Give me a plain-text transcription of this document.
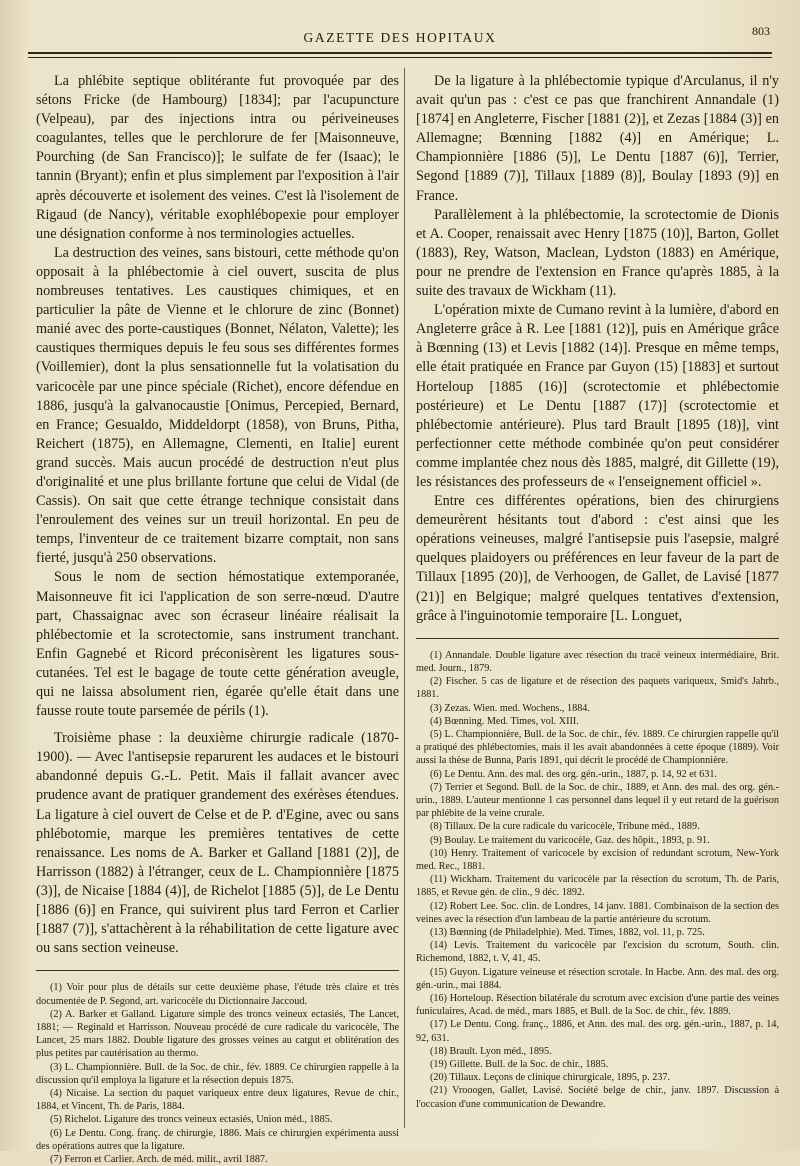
GAZETTE DES HOPITAUX	803

La phlébite septique oblitérante fut provoquée par des sétons Fricke (de Hambourg) [1834]; par l'acupuncture (Velpeau), par des injections intra ou périveineuses coagulantes, telles que le perchlorure de fer [Maisonneuve, Pourching (de San Francisco)]; le sulfate de fer (Isaac); le tannin (Bryant); enfin et plus simplement par l'exposition à l'air après découverte et isolement des veines. C'est là l'isolement de Rigaud (de Nancy), véritable exophlébopexie pour employer une désignation conforme à nos terminologies actuelles.

La destruction des veines, sans bistouri, cette méthode qu'on opposait à la phlébectomie à ciel ouvert, suscita de plus nombreuses tentatives. Les caustiques chimiques, et en particulier la pâte de Vienne et le chlorure de zinc (Bonnet) manié avec des porte-caustiques (Bonnet, Nélaton, Valette); les caustiques thermiques depuis le feu sous ses différentes formes (Voillemier), dont la plus sensationnelle fut la volatisation du varicocèle par une pince spéciale (Richet), encore défendue en 1886, jusqu'à la galvanocaustie [Onimus, Percepied, Bernard, en France; Gesualdo, Middeldorpt (1858), von Bruns, Pitha, Reichert (1875), en Allemagne, Clementi, en Italie] eurent grand succès. Mais aucun procédé de destruction n'eut plus d'originalité et une plus brillante fortune que celui de Vidal (de Cassis). On sait que cette étrange technique consistait dans l'enroulement des veines sur un treuil horizontal. En peu de temps, l'inventeur de ce traitement bizarre comptait, non sans fierté, jusqu'à 250 observations.

Sous le nom de section hémostatique extemporanée, Maisonneuve fit ici l'application de son serre-nœud. D'autre part, Chassaignac avec son écraseur linéaire réalisait la phlébectomie et la scrotectomie, sans instrument tranchant. Enfin Gagnebé et Ricord préconisèrent les ligatures sous-cutanées. Tel est le bagage de toute cette génération aveugle, qui ne laissa absolument rien, égarée qu'elle était dans une fausse route toute parsemée de périls (1).

Troisième phase : la deuxième chirurgie radicale (1870-1900). — Avec l'antisepsie reparurent les audaces et le bistouri abandonné depuis G.-L. Petit. Mais il fallait avancer avec prudence avant de pratiquer grandement des exérèses étendues. La ligature à ciel ouvert de Celse et de P. d'Egine, avec ou sans phlébotomie, marque les premières tentatives de cette renaissance. Les noms de A. Barker et Galland [1881 (2)], de Harrisson (1882) à l'étranger, ceux de L. Championnière [1875 (3)], de Nicaise [1884 (4)], de Richelot [1885 (5)], de Le Dentu [1886 (6)] en France, qui suivirent plus tard Ferron et Carlier [1887 (7)], s'attachèrent à la réhabilitation de cette ligature avec ou sans section veineuse.

(1) Voir pour plus de détails sur cette deuxième phase, l'étude très claire et très documentée de P. Segond, art. varicocèle du Dictionnaire Jaccoud.

(2) A. Barker et Galland. Ligature simple des troncs veineux ectasiés, The Lancet, 1881; — Reginald et Harrisson. Nouveau procédé de cure radicale du varicocèle, The Lancet, 25 mars 1882. Double ligature des grosses veines au catgut et oblitération des plus petites par cautérisation au thermo.

(3) L. Championnière. Bull. de la Soc. de chir., fév. 1889. Ce chirurgien rappelle à la discussion qu'il employa la ligature et la résection depuis 1875.

(4) Nicaise. La section du paquet variqueux entre deux ligatures, Revue de chir., 1884, et Vincent, Th. de Paris, 1884.

(5) Richelot. Ligature des troncs veineux ectasiés, Union méd., 1885.

(6) Le Dentu. Cong. franç. de chirurgie, 1886. Mais ce chirurgien expérimenta aussi des opérations autres que la ligature.

(7) Ferron et Carlier. Arch. de méd. milit., avril 1887.

De la ligature à la phlébectomie typique d'Arculanus, il n'y avait qu'un pas : c'est ce pas que franchirent Annandale (1) [1874] en Angleterre, Fischer [1881 (2)], et Zezas [1884 (3)] en Allemagne; Bœnning [1882 (4)] en Amérique; L. Championnière [1886 (5)], Le Dentu [1887 (6)], Terrier, Segond [1889 (7)], Tillaux [1889 (8)], Boulay [1893 (9)] en France.

Parallèlement à la phlébectomie, la scrotectomie de Dionis et A. Cooper, renaissait avec Henry [1875 (10)], Barton, Gollet (1883), Rey, Watson, Maclean, Lydston (1883) en Amérique, pour ne prendre de l'extension en France qu'après 1885, à la suite des travaux de Wickham (11).

L'opération mixte de Cumano revint à la lumière, d'abord en Angleterre grâce à R. Lee [1881 (12)], puis en Amérique grâce à Bœnning (13) et Levis [1882 (14)]. Presque en même temps, elle était pratiquée en France par Guyon (15) [1883] et surtout Horteloup [1885 (16)] (scrotectomie et phlébectomie postérieure) et Le Dentu [1887 (17)] (scrotectomie et phlébectomie antérieure). Plus tard Brault [1895 (18)], vint perfectionner cette méthode combinée qu'on peut considérer comme implantée chez nous dès 1885, malgré, dit Gillette (19), les résistances des professeurs de « l'enseignement officiel ».

Entre ces différentes opérations, bien des chirurgiens demeurèrent hésitants tout d'abord : c'est ainsi que les opérations veineuses, malgré l'antisepsie puis l'asepsie, malgré quelques plaidoyers ou préférences en leur faveur de la part de Tillaux [1895 (20)], de Verhoogen, de Gallet, de Lavisé [1877 (21)] en Belgique; malgré quelques tentatives d'extension, grâce à l'inguinotomie temporaire [L. Longuet,

(1) Annandale. Double ligature avec résection du tracé veineux intermédiaire, Brit. med. Journ., 1879.

(2) Fischer. 5 cas de ligature et de résection des paquets variqueux, Smid's Jahrb., 1881.

(3) Zezas. Wien. med. Wochens., 1884.

(4) Bœnning. Med. Times, vol. XIII.

(5) L. Championnière, Bull. de la Soc. de chir., fév. 1889. Ce chirurgien rappelle qu'il a pratiqué des phlébectomies, mais il les avait abandonnées à cette époque (1889). Voir aussi la thèse de Bunna, Paris 1891, qui décrit le procédé de Championnière.

(6) Le Dentu. Ann. des mal. des org. gén.-urin., 1887, p. 14, 92 et 631.

(7) Terrier et Segond. Bull. de la Soc. de chir., 1889, et Ann. des mal. des org. gén.-urin., 1889. L'auteur mentionne 1 cas personnel dans lequel il y eut retard de la guérison par phlébite de la veine crurale.

(8) Tillaux. De la cure radicale du varicocèle, Tribune méd., 1889.

(9) Boulay. Le traitement du varicocèle, Gaz. des hôpit., 1893, p. 91.

(10) Henry. Traitement of varicocele by excision of redundant scrotum, New-York med. Rec., 1881.

(11) Wickham. Traitement du varicocèle par la résection du scrotum, Th. de Paris, 1885, et Revue gén. de clin., 9 déc. 1892.

(12) Robert Lee. Soc. clin. de Londres, 14 janv. 1881. Combinaison de la section des veines avec la résection d'un lambeau de la partie antérieure du scrotum.

(13) Bœnning (de Philadelphie). Med. Times, 1882, vol. 11, p. 725.

(14) Levis. Traitement du varicocèle par l'excision du scrotum, South. clin. Richemond, 1882, t. V, 41, 45.

(15) Guyon. Ligature veineuse et résection scrotale. In Hacbe. Ann. des mal. des org. gén.-urin., mai 1884.

(16) Horteloup. Résection bilatérale du scrotum avec excision d'une partie des veines funiculaires, Acad. de méd., mars 1885, et Bull. de la Soc. de chir., fév. 1889.

(17) Le Dentu. Cong. franç., 1886, et Ann. des mal. des org. gén.-urin., 1887, p. 14, 92, 631.

(18) Brault. Lyon méd., 1895.

(19) Gillette. Bull. de la Soc. de chir., 1885.

(20) Tillaux. Leçons de clinique chirurgicale, 1895, p. 237.

(21) Vrooogen, Gallet, Lavisé. Société belge de chir., janv. 1897. Discussion à l'occasion d'une communication de Dewandre.
